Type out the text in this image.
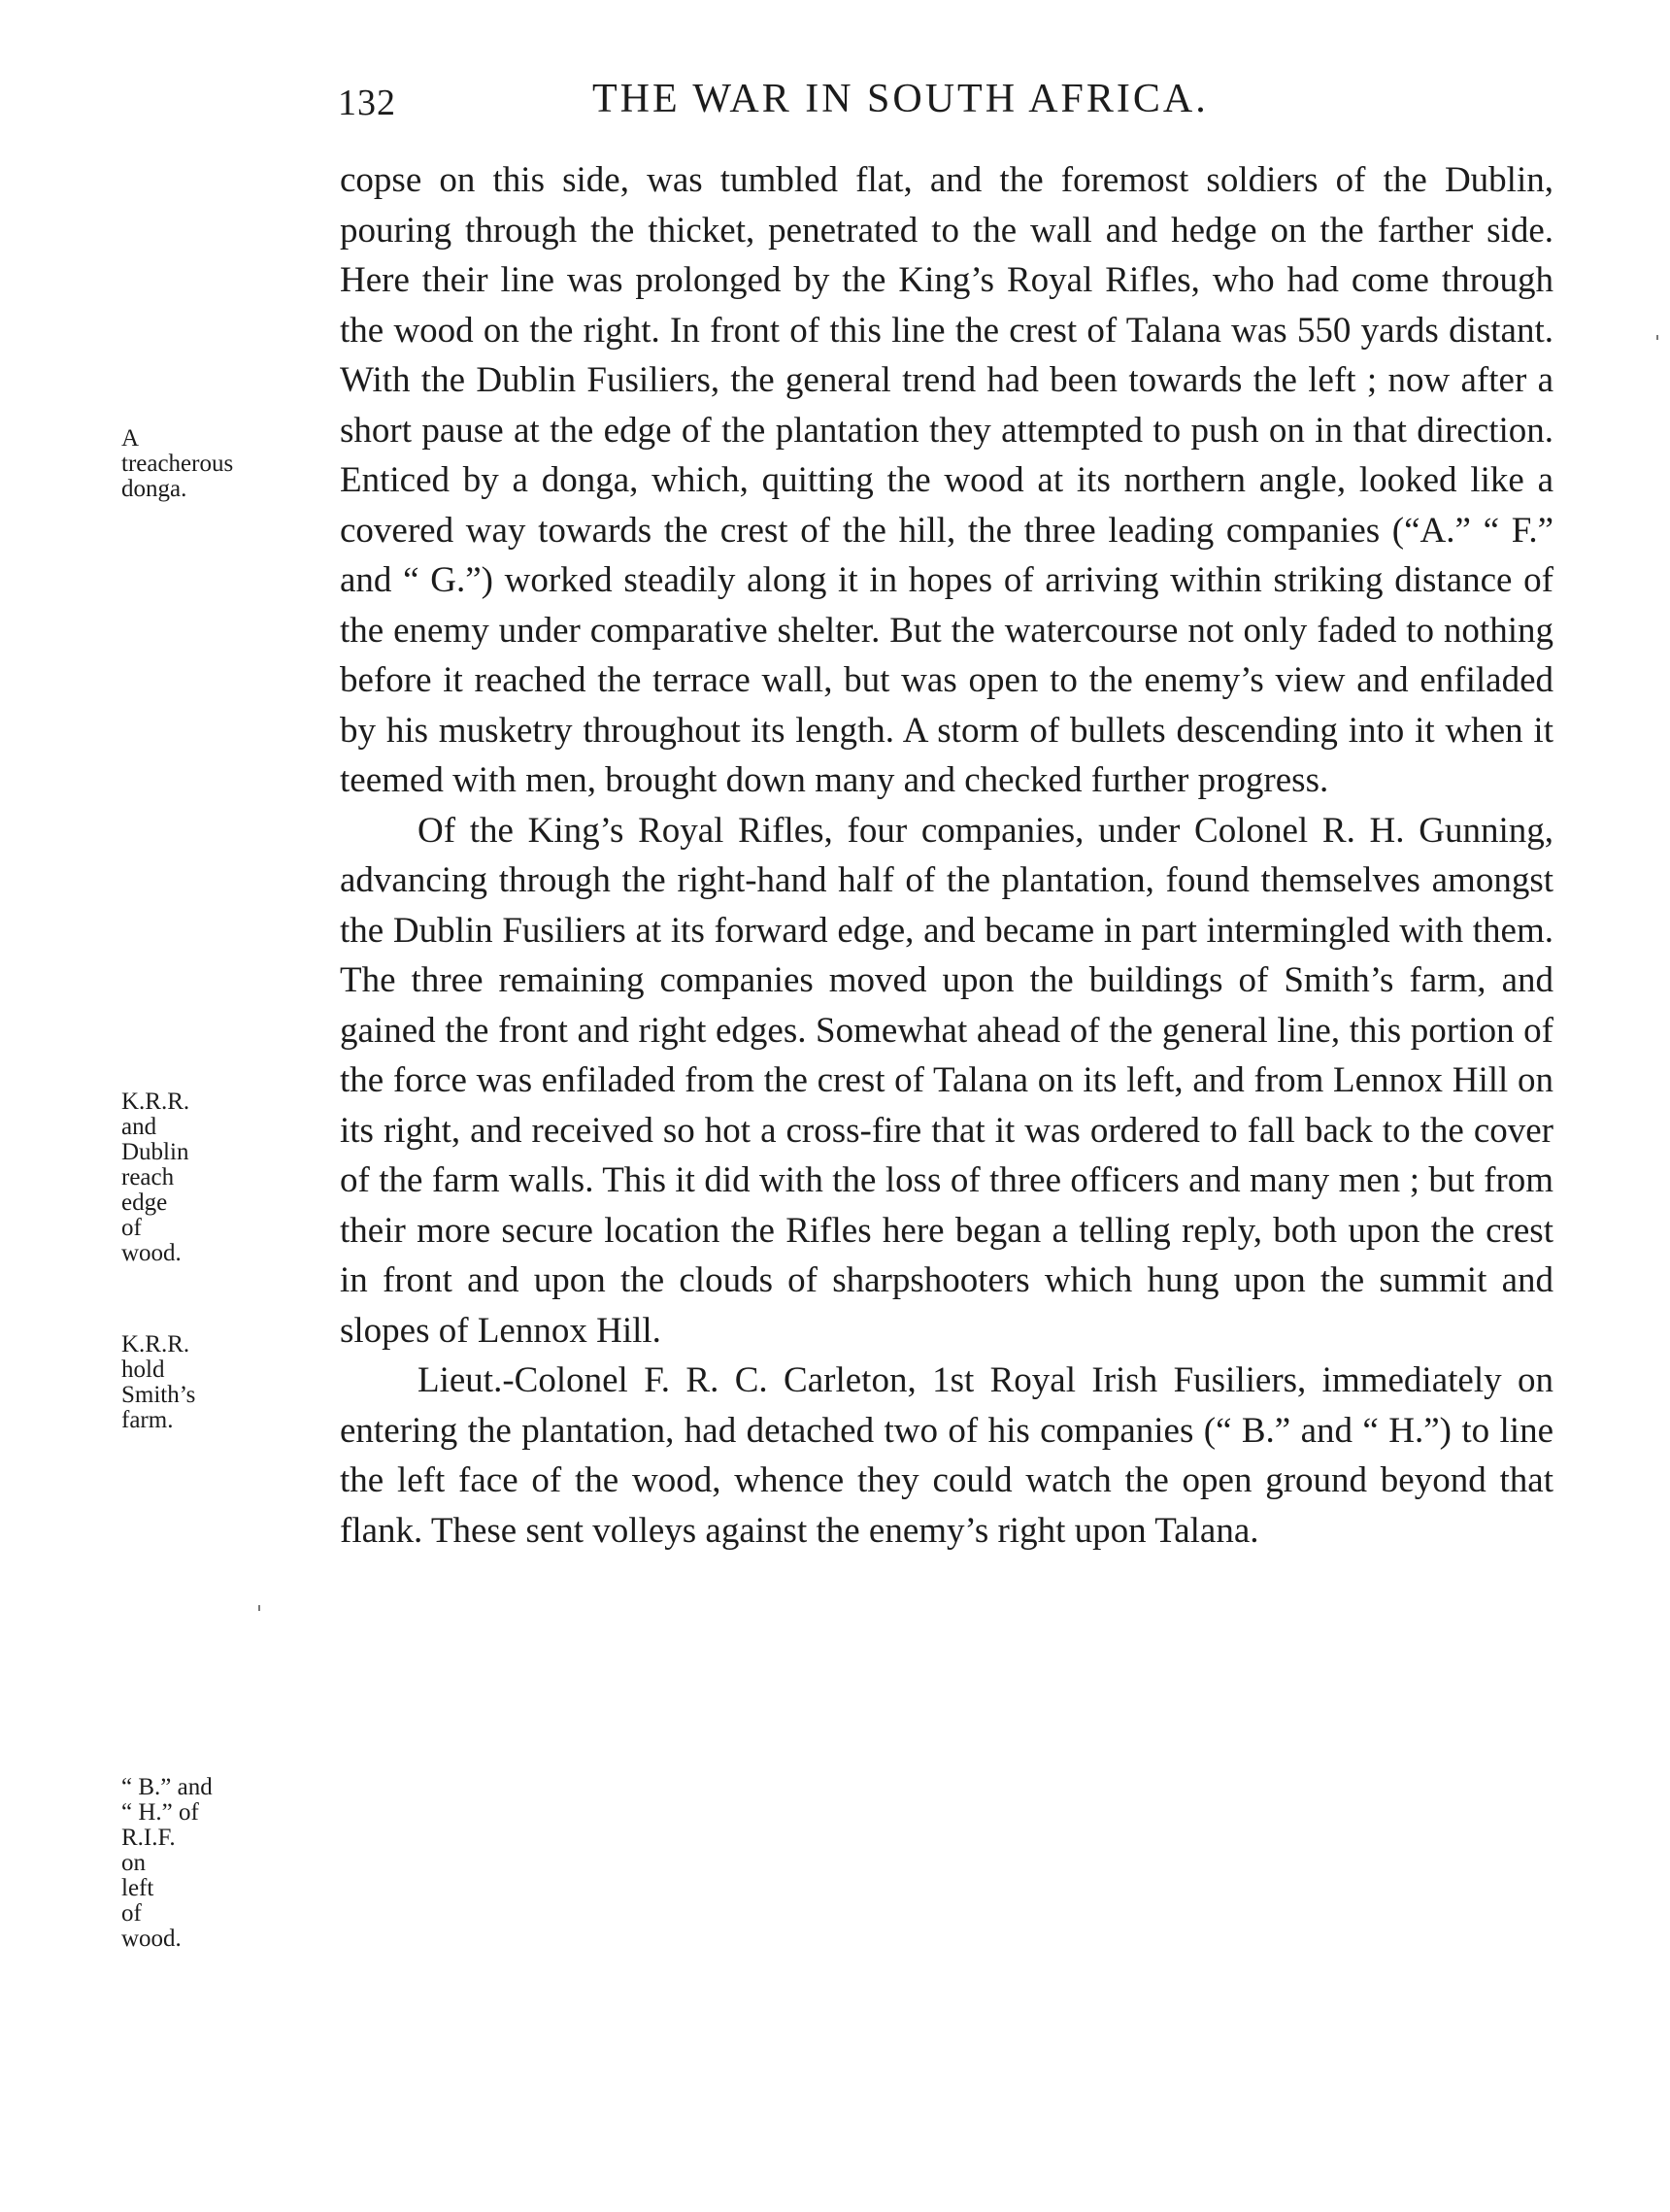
132	THE WAR IN SOUTH AFRICA.
A
treacherous
donga.
K.R.R.
and
Dublin
reach
edge
of
wood.
K.R.R.
hold
Smith’s
farm.
“ B.” and
“ H.” of
R.I.F.
on
left
of
wood.

copse on this side, was tumbled flat, and the foremost soldiers of the Dublin, pouring through the thicket, penetrated to the wall and hedge on the farther side. Here their line was prolonged by the King’s Royal Rifles, who had come through the wood on the right. In front of this line the crest of Talana was 550 yards distant. With the Dublin Fusiliers, the general trend had been towards the left ; now after a short pause at the edge of the plantation they attempted to push on in that direction. Enticed by a donga, which, quitting the wood at its northern angle, looked like a covered way towards the crest of the hill, the three leading companies (“A.” “ F.” and “ G.”) worked steadily along it in hopes of arriving within striking distance of the enemy under comparative shelter. But the watercourse not only faded to nothing before it reached the terrace wall, but was open to the enemy’s view and enfiladed by his musketry throughout its length. A storm of bullets descending into it when it teemed with men, brought down many and checked further progress.

Of the King’s Royal Rifles, four companies, under Colonel R. H. Gunning, advancing through the right-hand half of the plantation, found themselves amongst the Dublin Fusiliers at its forward edge, and became in part intermingled with them. The three remaining companies moved upon the buildings of Smith’s farm, and gained the front and right edges. Somewhat ahead of the general line, this portion of the force was enfiladed from the crest of Talana on its left, and from Lennox Hill on its right, and received so hot a cross-fire that it was ordered to fall back to the cover of the farm walls. This it did with the loss of three officers and many men ; but from their more secure location the Rifles here began a telling reply, both upon the crest in front and upon the clouds of sharpshooters which hung upon the summit and slopes of Lennox Hill.

Lieut.-Colonel F. R. C. Carleton, 1st Royal Irish Fusiliers, immediately on entering the plantation, had detached two of his companies (“ B.” and “ H.”) to line the left face of the wood, whence they could watch the open ground beyond that flank. These sent volleys against the enemy’s right upon Talana.
